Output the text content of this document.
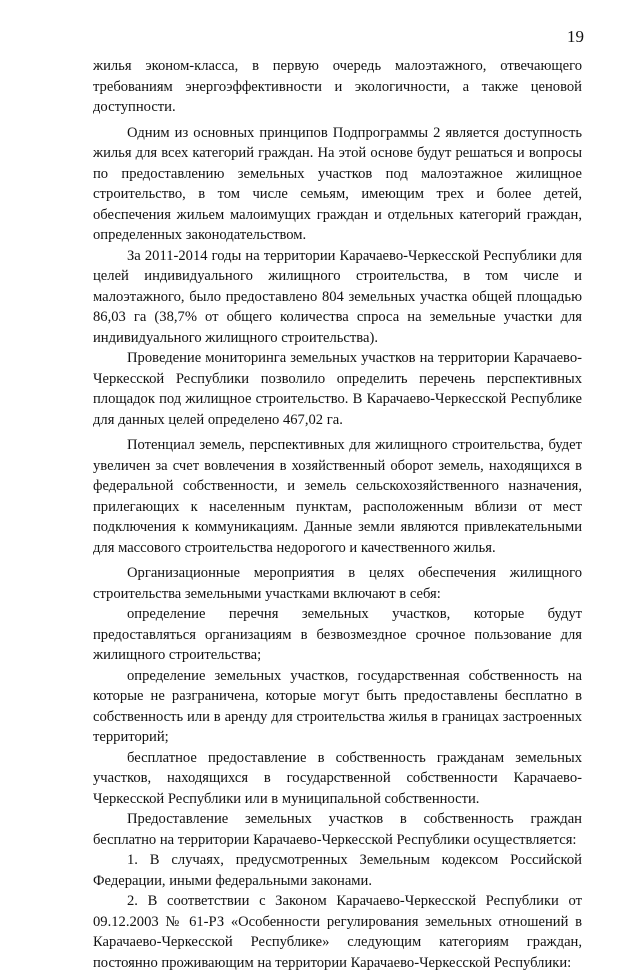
19

жилья эконом-класса, в первую очередь малоэтажного, отвечающего требованиям энергоэффективности и экологичности, а также ценовой доступности.

Одним из основных принципов Подпрограммы 2 является доступность жилья для всех категорий граждан. На этой основе будут решаться и вопросы по предоставлению земельных участков под малоэтажное жилищное строительство, в том числе семьям, имеющим трех и более детей, обеспечения жильем малоимущих граждан и отдельных категорий граждан, определенных законодательством.

За 2011-2014 годы на территории Карачаево-Черкесской Республики для целей индивидуального жилищного строительства, в том числе и малоэтажного, было предоставлено 804 земельных участка общей площадью 86,03 га (38,7% от общего количества спроса на земельные участки для индивидуального жилищного строительства).

Проведение мониторинга земельных участков на территории Карачаево-Черкесской Республики позволило определить перечень перспективных площадок под жилищное строительство. В Карачаево-Черкесской Республике для данных целей определено 467,02 га.

Потенциал земель, перспективных для жилищного строительства, будет увеличен за счет вовлечения в хозяйственный оборот земель, находящихся в федеральной собственности, и земель сельскохозяйственного назначения, прилегающих к населенным пунктам, расположенным вблизи от мест подключения к коммуникациям. Данные земли являются привлекательными для массового строительства недорогого и качественного жилья.

Организационные мероприятия в целях обеспечения жилищного строительства земельными участками включают в себя:

определение перечня земельных участков, которые будут предоставляться организациям в безвозмездное срочное пользование для жилищного строительства;

определение земельных участков, государственная собственность на которые не разграничена, которые могут быть предоставлены бесплатно в собственность или в аренду для строительства жилья в границах застроенных территорий;

бесплатное предоставление в собственность гражданам земельных участков, находящихся в государственной собственности Карачаево-Черкесской Республики или в муниципальной собственности.

Предоставление земельных участков в собственность граждан бесплатно на территории Карачаево-Черкесской Республики осуществляется:

1. В случаях, предусмотренных Земельным кодексом Российской Федерации, иными федеральными законами.

2. В соответствии с Законом Карачаево-Черкесской Республики от 09.12.2003 № 61-РЗ «Особенности регулирования земельных отношений в Карачаево-Черкесской Республике» следующим категориям граждан, постоянно проживающим на территории Карачаево-Черкесской Республики:
